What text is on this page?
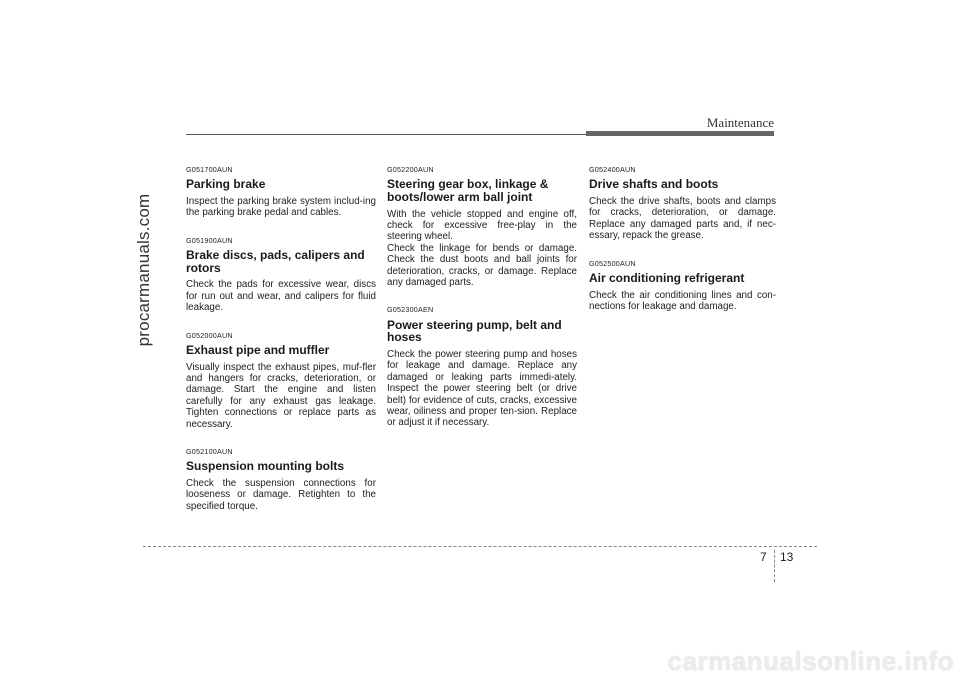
Maintenance
procarmanuals.com
G051700AUN
Parking brake

Inspect the parking brake system includ-ing the parking brake pedal and cables.

G051900AUN
Brake discs, pads, calipers and rotors

Check the pads for excessive wear, discs for run out and wear, and calipers for fluid leakage.

G052000AUN
Exhaust pipe and muffler

Visually inspect the exhaust pipes, muf-fler and hangers for cracks, deterioration, or damage. Start the engine and listen carefully for any exhaust gas leakage. Tighten connections or replace parts as necessary.

G052100AUN
Suspension mounting bolts

Check the suspension connections for looseness or damage. Retighten to the specified torque.

G052200AUN
Steering gear box, linkage & boots/lower arm ball joint

With the vehicle stopped and engine off, check for excessive free-play in the steering wheel.

Check the linkage for bends or damage. Check the dust boots and ball joints for deterioration, cracks, or damage. Replace any damaged parts.

G052300AEN
Power steering pump, belt and hoses

Check the power steering pump and hoses for leakage and damage. Replace any damaged or leaking parts immedi-ately. Inspect the power steering belt (or drive belt) for evidence of cuts, cracks, excessive wear, oiliness and proper ten-sion. Replace or adjust it if necessary.

G052400AUN
Drive shafts and boots

Check the drive shafts, boots and clamps for cracks, deterioration, or damage. Replace any damaged parts and, if nec-essary, repack the grease.

G052500AUN
Air conditioning refrigerant

Check the air conditioning lines and con-nections for leakage and damage.

7 13
carmanualsonline.info
